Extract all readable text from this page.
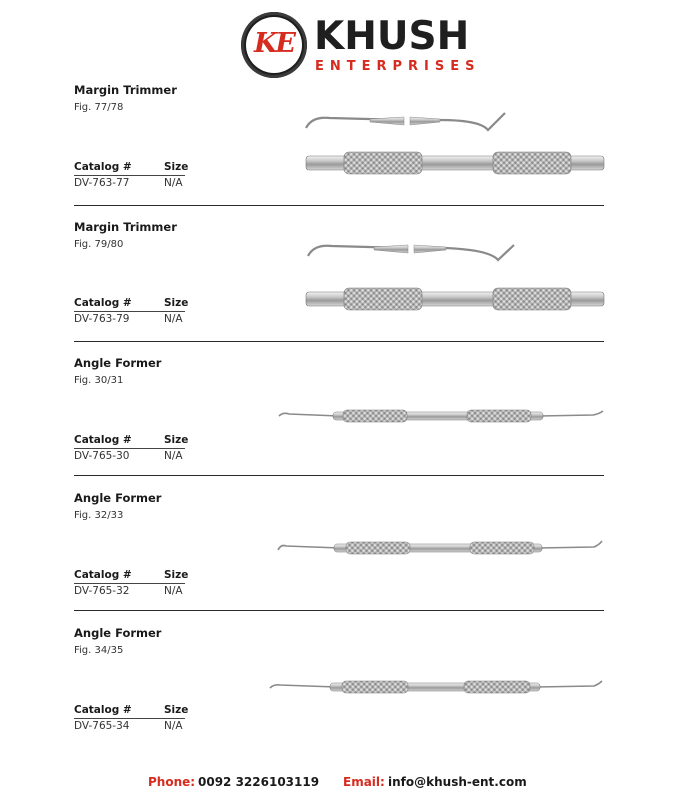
KE KHUSH
ENTERPRISES
Margin Trimmer
Fig. 77/78
Catalog #	Size
DV-763-77	N/A
Margin Trimmer
Fig. 79/80
Catalog #	Size
DV-763-79	N/A
Angle Former
Fig. 30/31
Catalog #	Size
DV-765-30	N/A
Angle Former
Fig. 32/33
Catalog #	Size
DV-765-32	N/A
Angle Former
Fig. 34/35
Catalog #	Size
DV-765-34	N/A
Phone: 0092 3226103119 Email: info@khush-ent.com
